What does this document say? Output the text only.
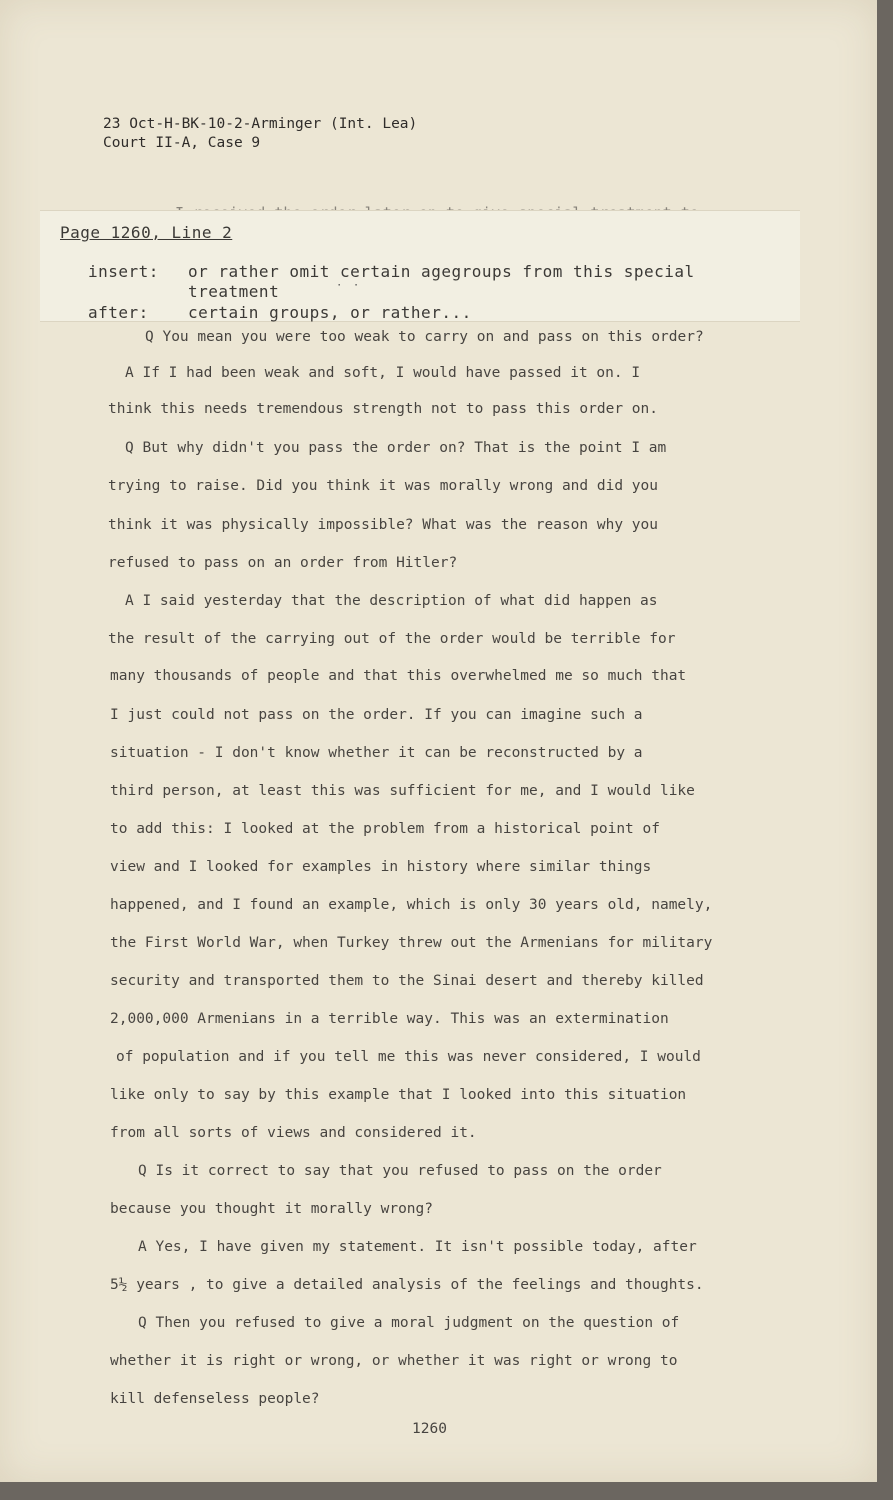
23 Oct-H-BK-10-2-Arminger (Int. Lea)
Court II-A, Case 9
Page 1260, Line 2
insert: or rather omit certain agegroups from this special
treatment
after: certain groups, or rather...
˙ ˙
Q You mean you were too weak to carry on and pass on this order?
A If I had been weak and soft, I would have passed it on. I
think this needs tremendous strength not to pass this order on.
Q But why didn't you pass the order on? That is the point I am
trying to raise. Did you think it was morally wrong and did you
think it was physically impossible? What was the reason why you
refused to pass on an order from Hitler?
A I said yesterday that the description of what did happen as
the result of the carrying out of the order would be terrible for
many thousands of people and that this overwhelmed me so much that
I just could not pass on the order. If you can imagine such a
situation - I don't know whether it can be reconstructed by a
third person, at least this was sufficient for me, and I would like
to add this: I looked at the problem from a historical point of
view and I looked for examples in history where similar things
happened, and I found an example, which is only 30 years old, namely,
the First World War, when Turkey threw out the Armenians for military
security and transported them to the Sinai desert and thereby killed
2,000,000 Armenians in a terrible way. This was an extermination
of population and if you tell me this was never considered, I would
like only to say by this example that I looked into this situation
from all sorts of views and considered it.
Q Is it correct to say that you refused to pass on the order
because you thought it morally wrong?
A Yes, I have given my statement. It isn't possible today, after
5½ years , to give a detailed analysis of the feelings and thoughts.
Q Then you refused to give a moral judgment on the question of
whether it is right or wrong, or whether it was right or wrong to
kill defenseless people?
1260
